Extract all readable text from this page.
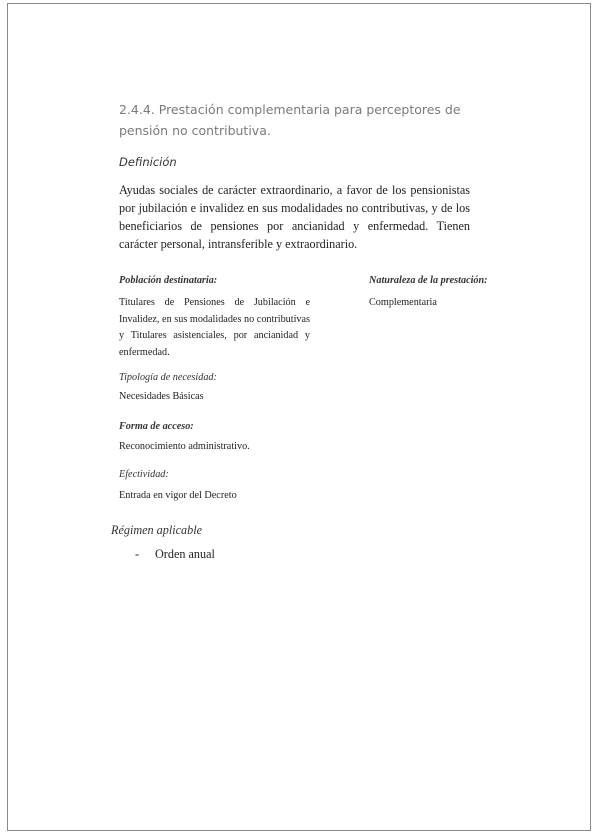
2.4.4. Prestación complementaria para perceptores de pensión no contributiva.
Definición

Ayudas sociales de carácter extraordinario, a favor de los pensionistas por jubilación e invalidez en sus modalidades no contributivas, y de los beneficiarios de pensiones por ancianidad y enfermedad. Tienen carácter personal, intransferible y extraordinario.

Población destinataria:

Titulares de Pensiones de Jubilación e Invalidez, en sus modalidades no contributivas y Titulares asistenciales, por ancianidad y enfermedad.

Naturaleza de la prestación:

Complementaria

Tipología de necesidad:

Necesidades Básicas

Forma de acceso:

Reconocimiento administrativo.

Efectividad:

Entrada en vigor del Decreto

Régimen aplicable
-	Orden anual
